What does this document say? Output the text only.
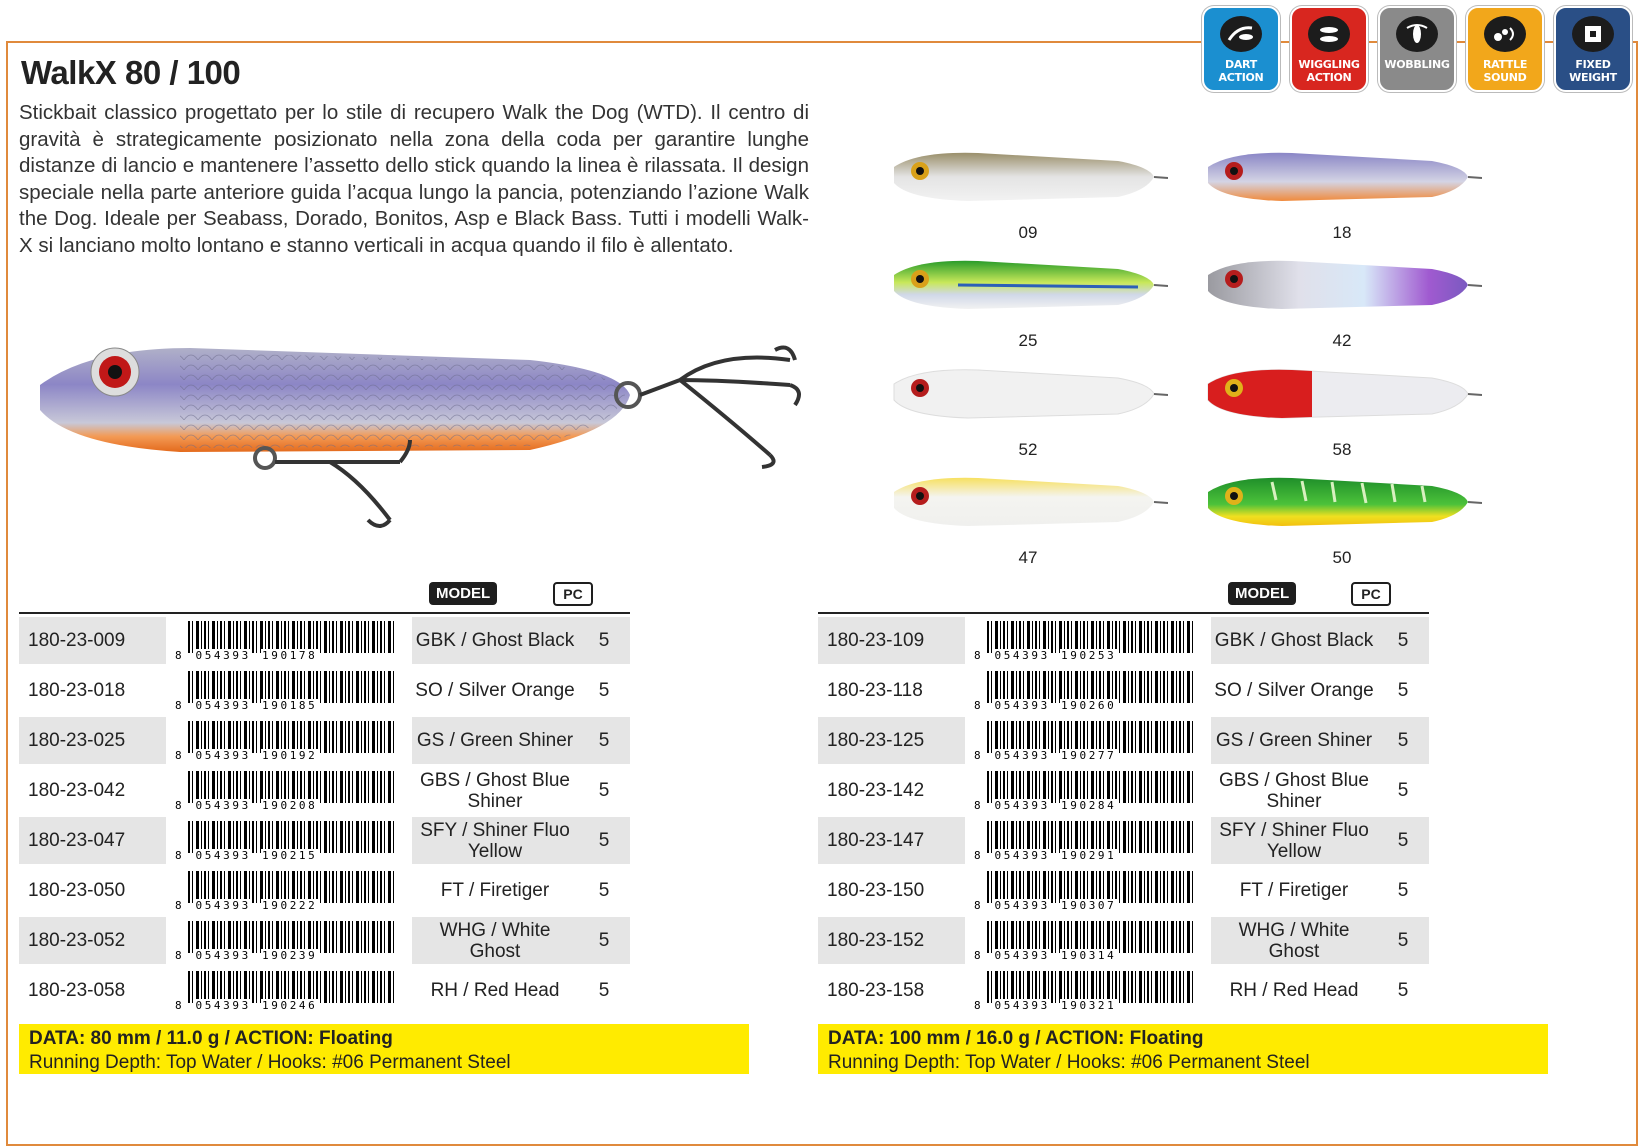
DART
ACTION
WIGGLING
ACTION
WOBBLING	RATTLE
SOUND
FIXED
WEIGHT
WalkX 80 / 100
Stickbait classico progettato per lo stile di recupero Walk the Dog (WTD). Il centro di gravità è strategicamente posizionato nella zona della coda per garantire lunghe distanze di lancio e mantenere l’assetto dello stick quando la linea è rilassata. Il design speciale nella parte anteriore guida l’acqua lungo la pancia, potenziando l’azione Walk the Dog. Ideale per Seabass, Dorado, Bonitos, Asp e Black Bass. Tutti i modelli Walk-X si lanciano molto lontano e stanno verticali in acqua quando il filo è allentato.
09	18
25	42
52	58
47	50
MODEL	PC	MODEL	PC
180-23-009	8 054393 190178	GBK / Ghost Black	5
180-23-018	8 054393 190185	SO / Silver Orange	5
180-23-025	8 054393 190192	GS / Green Shiner	5
180-23-042	8 054393 190208	GBS / Ghost Blue Shiner	5
180-23-047	8 054393 190215	SFY / Shiner Fluo Yellow	5
180-23-050	8 054393 190222	FT / Firetiger	5
180-23-052	8 054393 190239	WHG / White Ghost	5
180-23-058	8 054393 190246	RH / Red Head	5
180-23-109	8 054393 190253	GBK / Ghost Black	5
180-23-118	8 054393 190260	SO / Silver Orange	5
180-23-125	8 054393 190277	GS / Green Shiner	5
180-23-142	8 054393 190284	GBS / Ghost Blue Shiner	5
180-23-147	8 054393 190291	SFY / Shiner Fluo Yellow	5
180-23-150	8 054393 190307	FT / Firetiger	5
180-23-152	8 054393 190314	WHG / White Ghost	5
180-23-158	8 054393 190321	RH / Red Head	5
DATA: 80 mm / 11.0 g / ACTION: Floating
Running Depth: Top Water / Hooks: #06 Permanent Steel
DATA: 100 mm / 16.0 g / ACTION: Floating
Running Depth: Top Water / Hooks: #06 Permanent Steel
